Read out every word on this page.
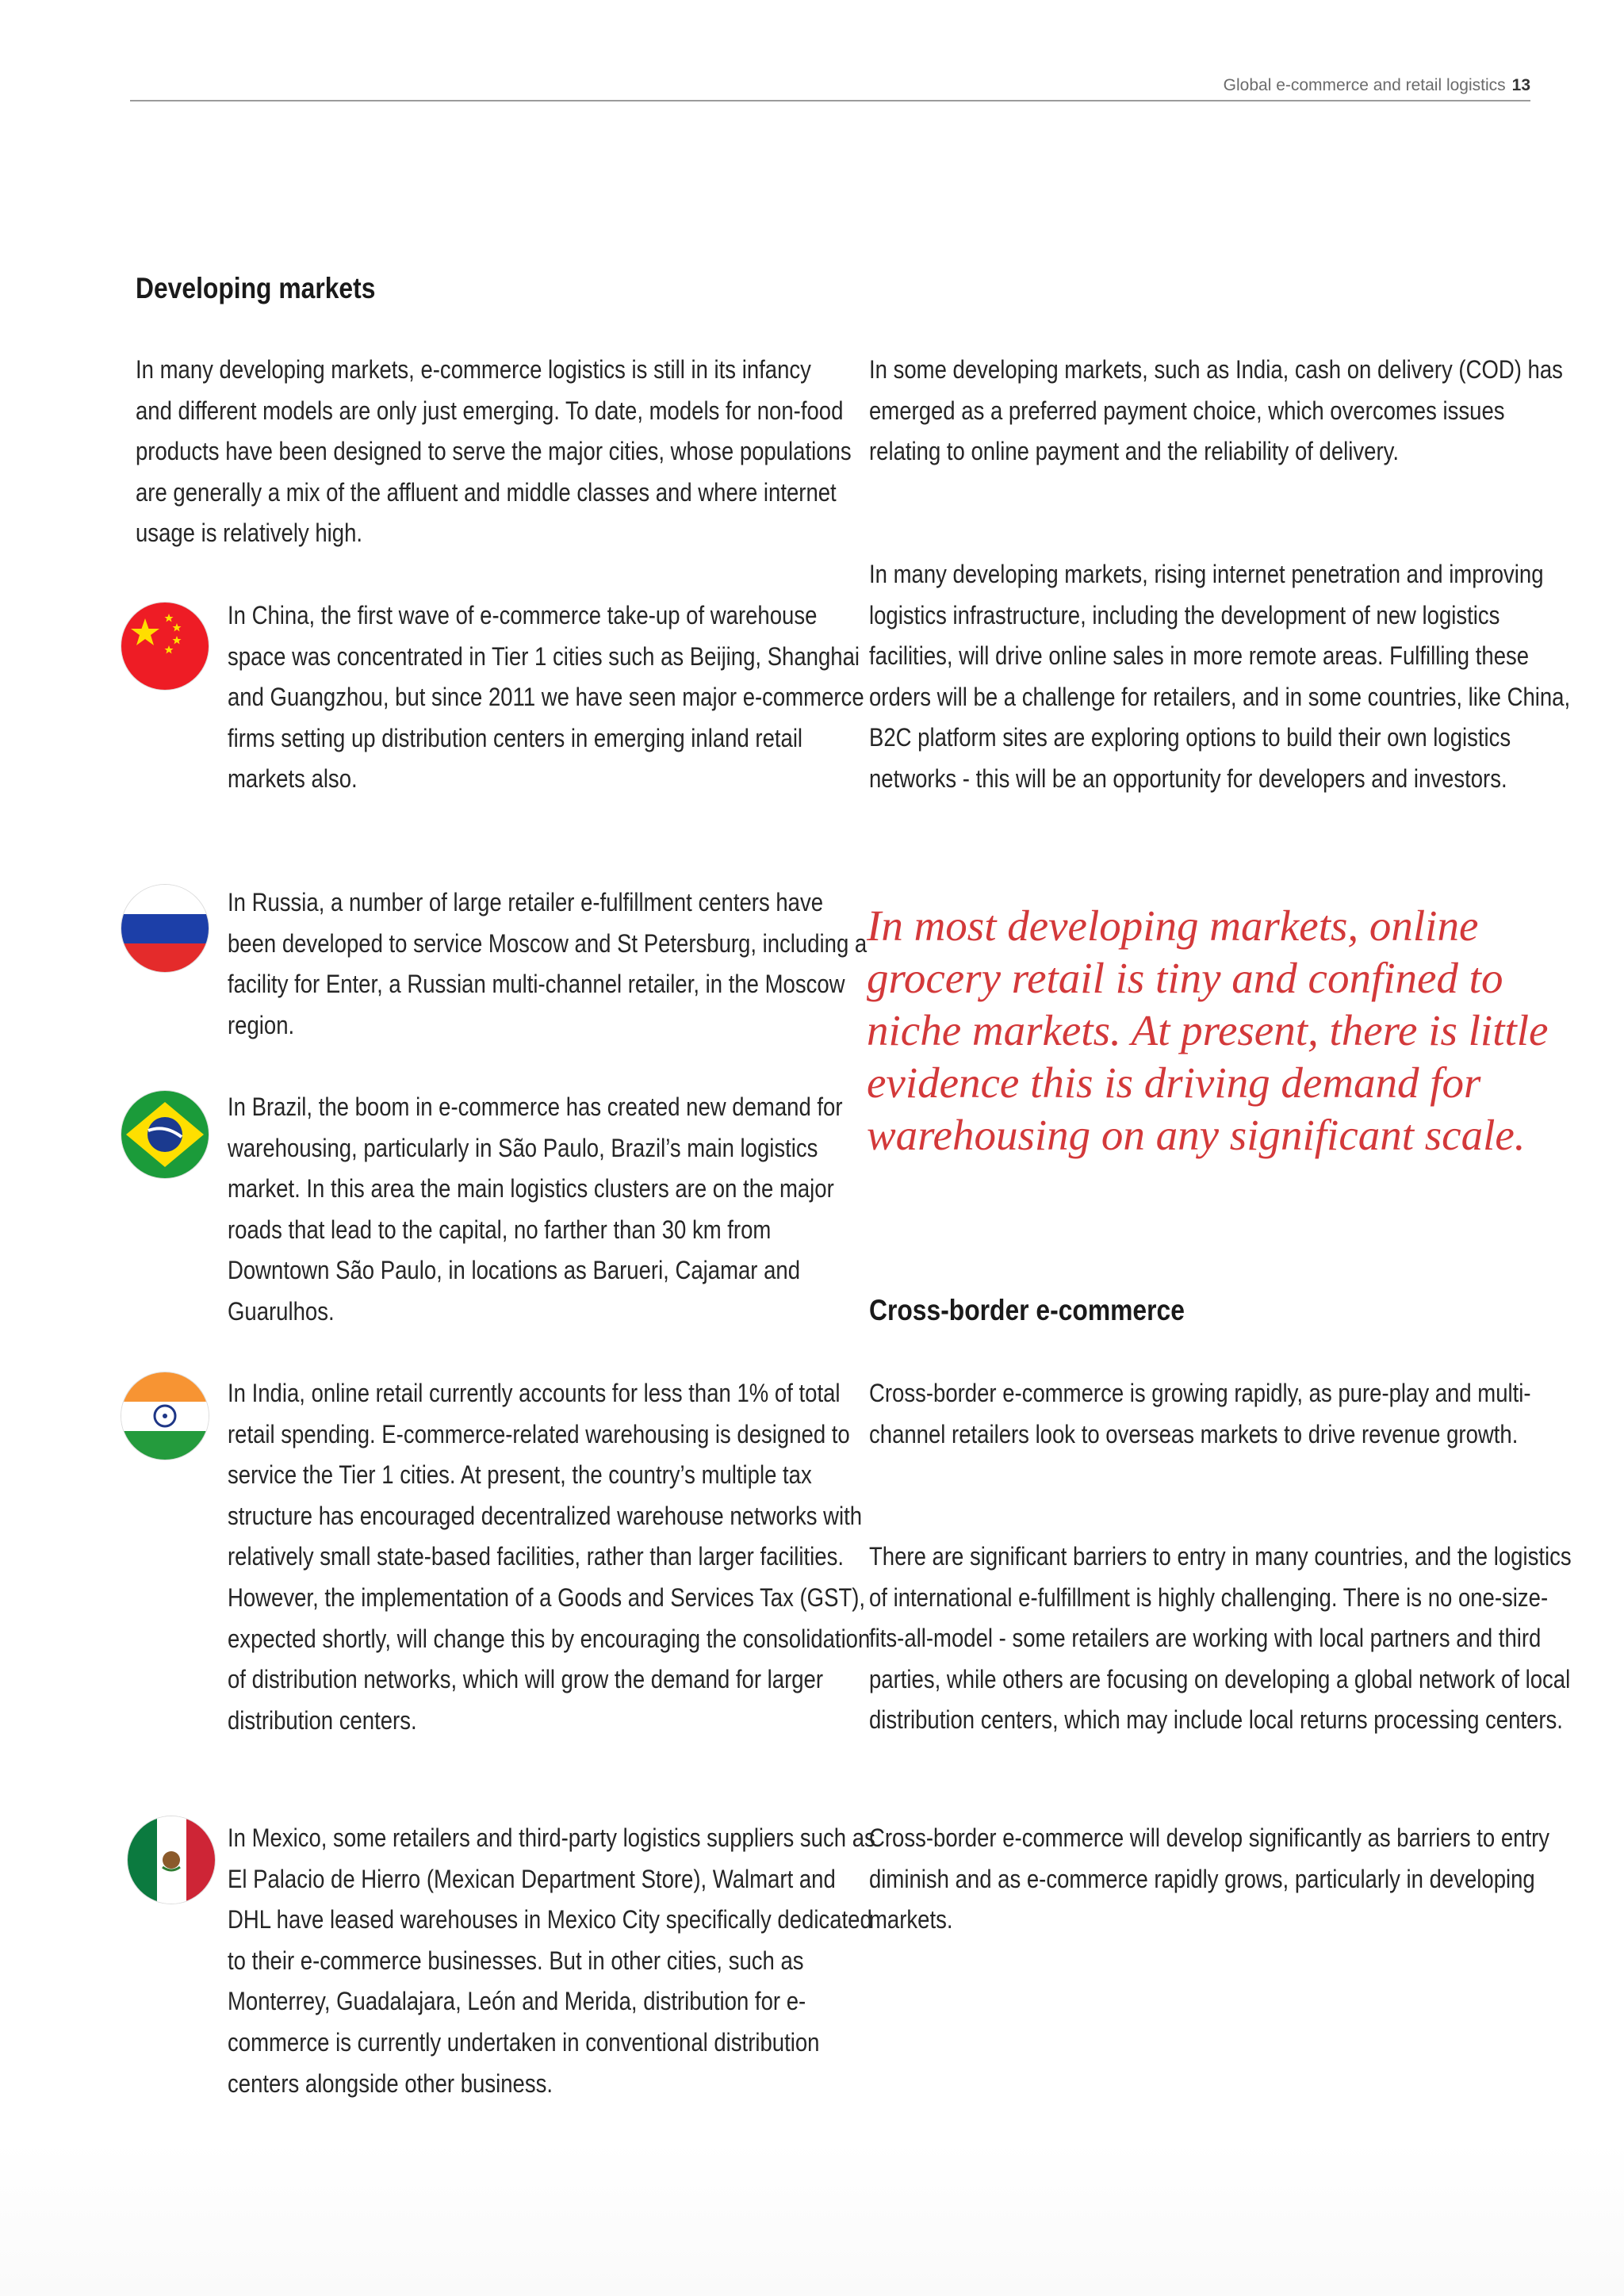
Global e-commerce and retail logistics 13
Developing markets

In many developing markets, e-commerce logistics is still in its infancy and different models are only just emerging. To date, models for non-food products have been designed to serve the major cities, whose populations are generally a mix of the affluent and middle classes and where internet usage is relatively high.

In China, the first wave of e-commerce take-up of warehouse space was concentrated in Tier 1 cities such as Beijing, Shanghai and Guangzhou, but since 2011 we have seen major e-commerce firms setting up distribution centers in emerging inland retail markets also.

In Russia, a number of large retailer e-fulfillment centers have been developed to service Moscow and St Petersburg, including a facility for Enter, a Russian multi-channel retailer, in the Moscow region.

In Brazil, the boom in e-commerce has created new demand for warehousing, particularly in São Paulo, Brazil’s main logistics market. In this area the main logistics clusters are on the major roads that lead to the capital, no farther than 30 km from Downtown São Paulo, in locations as Barueri, Cajamar and Guarulhos.

In India, online retail currently accounts for less than 1% of total retail spending. E-commerce-related warehousing is designed to service the Tier 1 cities. At present, the country’s multiple tax structure has encouraged decentralized warehouse networks with relatively small state-based facilities, rather than larger facilities. However, the implementation of a Goods and Services Tax (GST), expected shortly, will change this by encouraging the consolidation of distribution networks, which will grow the demand for larger distribution centers.

In Mexico, some retailers and third-party logistics suppliers such as El Palacio de Hierro (Mexican Department Store), Walmart and DHL have leased warehouses in Mexico City specifically dedicated to their e-commerce businesses. But in other cities, such as Monterrey, Guadalajara, León and Merida, distribution for e-commerce is currently undertaken in conventional distribution centers alongside other business.

In some developing markets, such as India, cash on delivery (COD) has emerged as a preferred payment choice, which overcomes issues relating to online payment and the reliability of delivery.

In many developing markets, rising internet penetration and improving logistics infrastructure, including the development of new logistics facilities, will drive online sales in more remote areas. Fulfilling these orders will be a challenge for retailers, and in some countries, like China, B2C platform sites are exploring options to build their own logistics networks - this will be an opportunity for developers and investors.

In most developing markets, online grocery retail is tiny and confined to niche markets. At present, there is little evidence this is driving demand for warehousing on any significant scale.

Cross-border e-commerce

Cross-border e-commerce is growing rapidly, as pure-play and multi-channel retailers look to overseas markets to drive revenue growth.

There are significant barriers to entry in many countries, and the logistics of international e-fulfillment is highly challenging. There is no one-size-fits-all-model - some retailers are working with local partners and third parties, while others are focusing on developing a global network of local distribution centers, which may include local returns processing centers.

Cross-border e-commerce will develop significantly as barriers to entry diminish and as e-commerce rapidly grows, particularly in developing markets.
